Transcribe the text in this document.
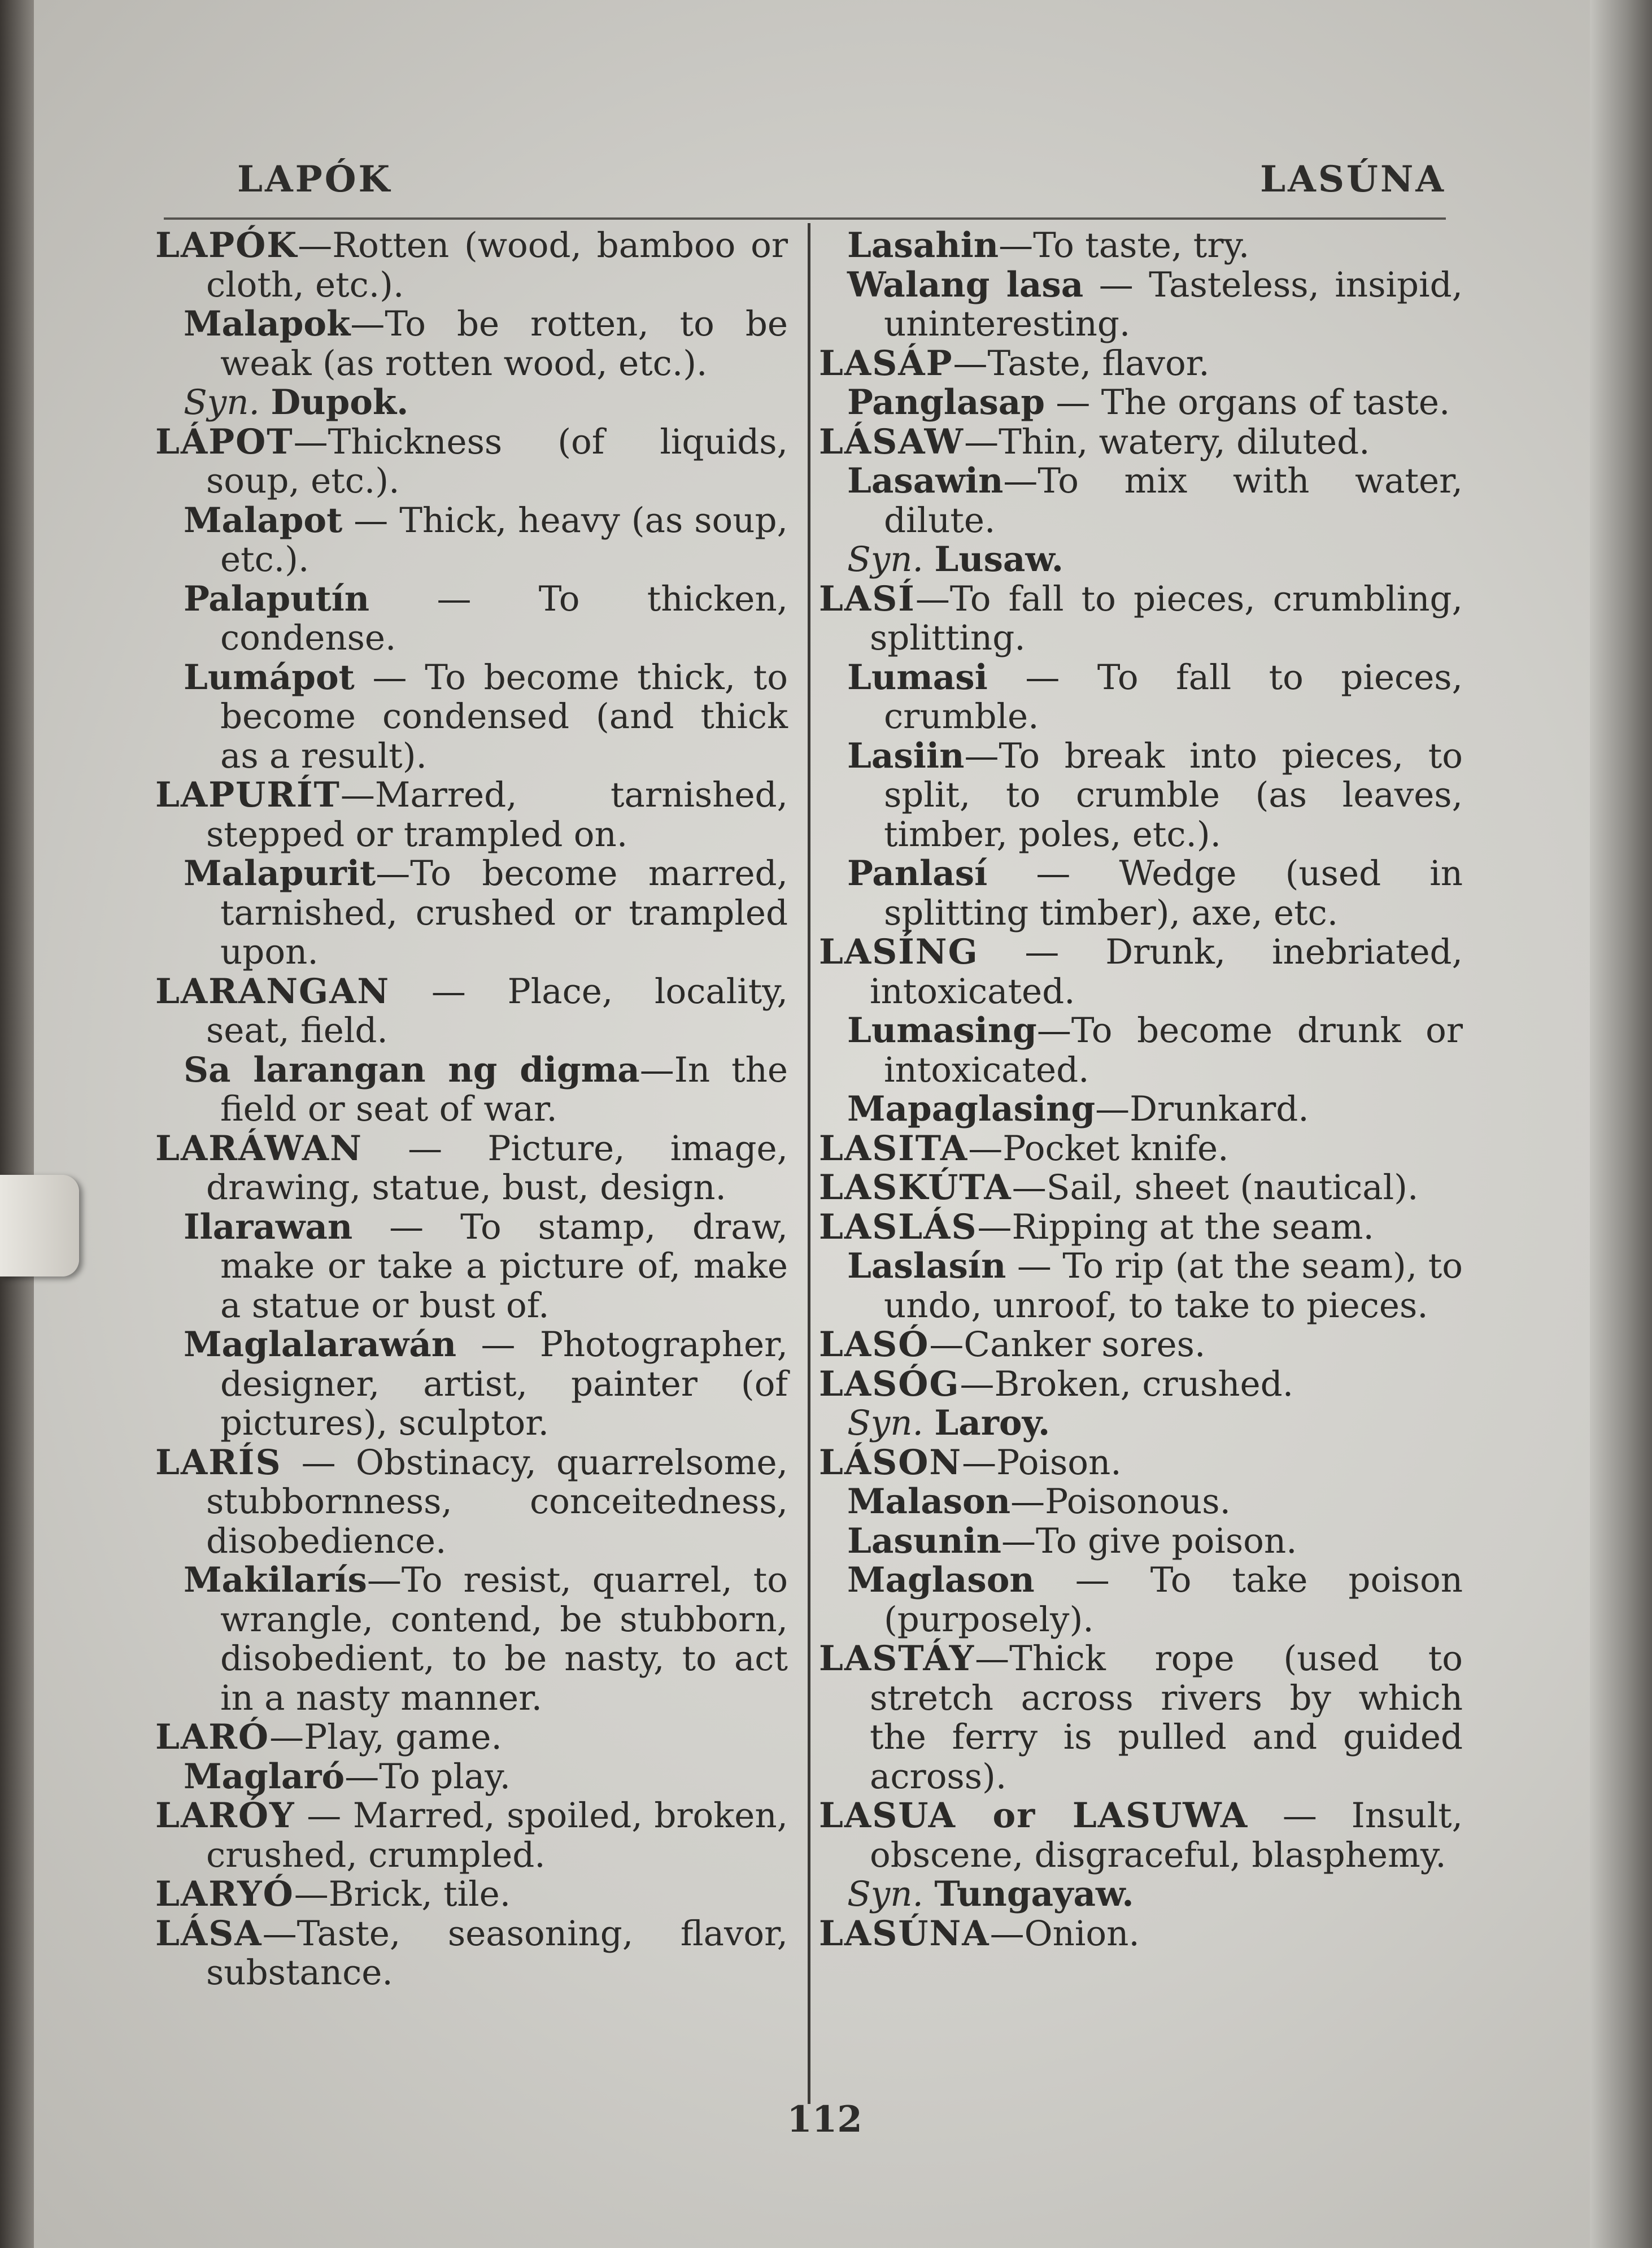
LAPÓK	LASÚNA

LAPÓK—Rotten (wood, bamboo or cloth, etc.).

Malapok—To be rotten, to be weak (as rotten wood, etc.).

Syn. Dupok.

LÁPOT—Thickness (of liquids, soup, etc.).

Malapot — Thick, heavy (as soup, etc.).

Palaputín — To thicken, condense.

Lumápot — To become thick, to become condensed (and thick as a result).

LAPURÍT—Marred, tarnished, stepped or trampled on.

Malapurit—To become marred, tarnished, crushed or trampled upon.

LARANGAN — Place, locality, seat, field.

Sa larangan ng digma—In the field or seat of war.

LARÁWAN — Picture, image, drawing, statue, bust, design.

Ilarawan — To stamp, draw, make or take a picture of, make a statue or bust of.

Maglalarawán — Photographer, designer, artist, painter (of pictures), sculptor.

LARÍS — Obstinacy, quarrelsome, stubbornness, conceitedness, disobedience.

Makilarís—To resist, quarrel, to wrangle, contend, be stubborn, disobedient, to be nasty, to act in a nasty manner.

LARÓ—Play, game.

Maglaró—To play.

LARÓY — Marred, spoiled, broken, crushed, crumpled.

LARYÓ—Brick, tile.

LÁSA—Taste, seasoning, flavor, substance.

Lasahin—To taste, try.

Walang lasa — Tasteless, insipid, uninteresting.

LASÁP—Taste, flavor.

Panglasap — The organs of taste.

LÁSAW—Thin, watery, diluted.

Lasawin—To mix with water, dilute.

Syn. Lusaw.

LASÍ—To fall to pieces, crumbling, splitting.

Lumasi — To fall to pieces, crumble.

Lasiin—To break into pieces, to split, to crumble (as leaves, timber, poles, etc.).

Panlasí — Wedge (used in splitting timber), axe, etc.

LASÍNG — Drunk, inebriated, intoxicated.

Lumasing—To become drunk or intoxicated.

Mapaglasing—Drunkard.

LASITA—Pocket knife.

LASKÚTA—Sail, sheet (nautical).

LASLÁS—Ripping at the seam.

Laslasín — To rip (at the seam), to undo, unroof, to take to pieces.

LASÓ—Canker sores.

LASÓG—Broken, crushed.

Syn. Laroy.

LÁSON—Poison.

Malason—Poisonous.

Lasunin—To give poison.

Maglason — To take poison (purposely).

LASTÁY—Thick rope (used to stretch across rivers by which the ferry is pulled and guided across).

LASUA or LASUWA — Insult, obscene, disgraceful, blasphemy.

Syn. Tungayaw.

LASÚNA—Onion.

112
